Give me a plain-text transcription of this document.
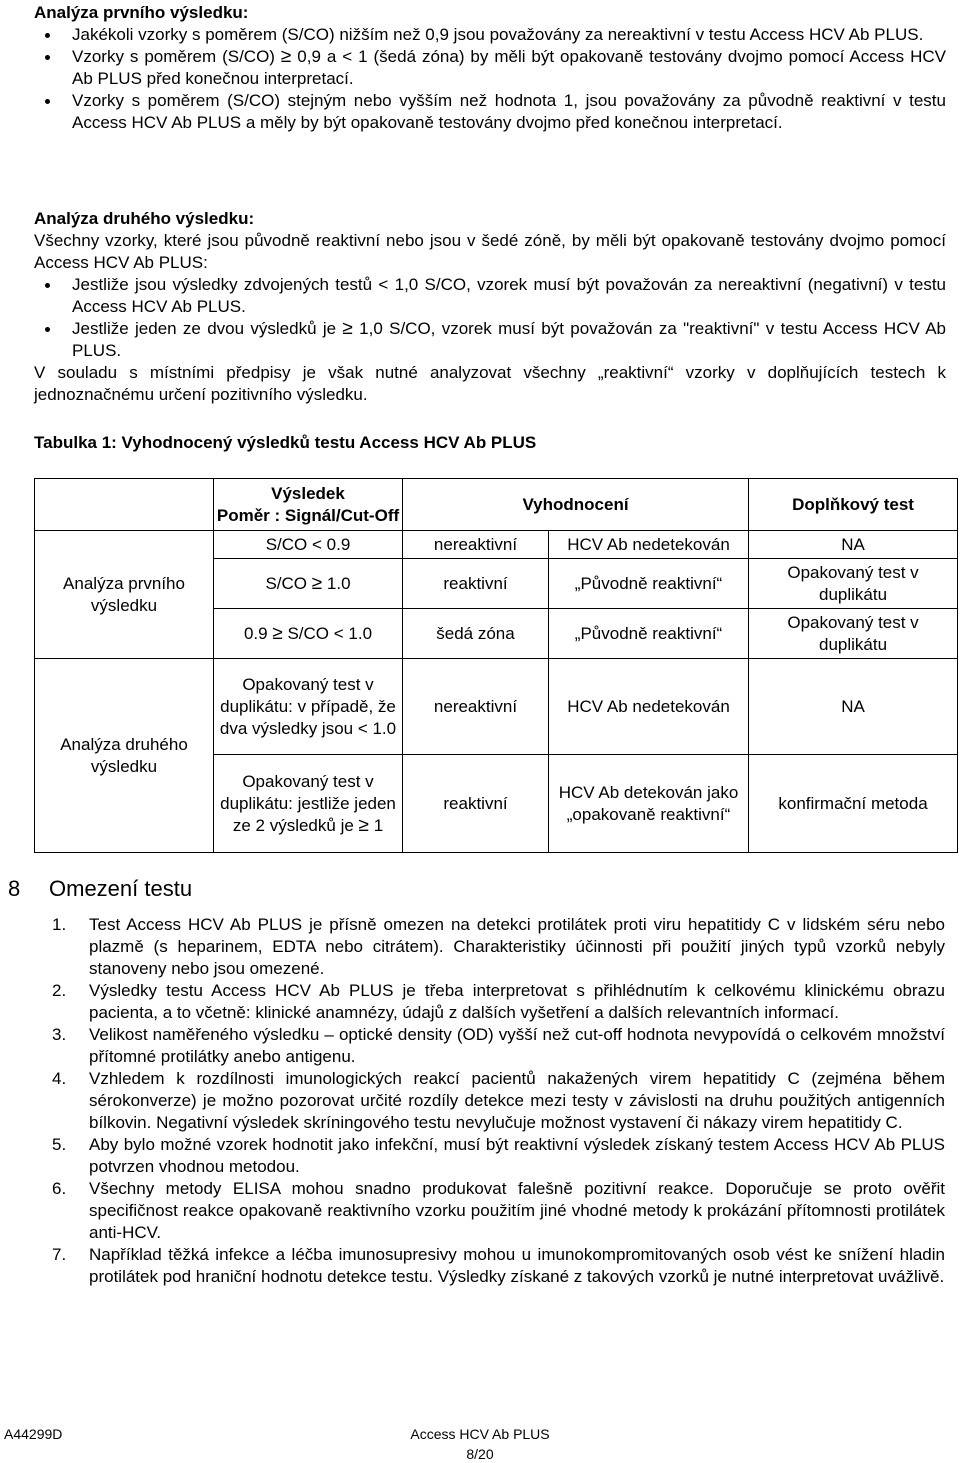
Analýza prvního výsledku:

Jakékoli vzorky s poměrem (S/CO) nižším než 0,9 jsou považovány za nereaktivní v testu Access HCV Ab PLUS.
Vzorky s poměrem (S/CO) ≥ 0,9 a < 1 (šedá zóna) by měli být opakovaně testovány dvojmo pomocí Access HCV Ab PLUS před konečnou interpretací.
Vzorky s poměrem (S/CO) stejným nebo vyšším než hodnota 1, jsou považovány za původně reaktivní v testu Access HCV Ab PLUS a měly by být opakovaně testovány dvojmo před konečnou interpretací.

Analýza druhého výsledku:

Všechny vzorky, které jsou původně reaktivní nebo jsou v šedé zóně, by měli být opakovaně testovány dvojmo pomocí Access HCV Ab PLUS:

Jestliže jsou výsledky zdvojených testů < 1,0 S/CO, vzorek musí být považován za nereaktivní (negativní) v testu Access HCV Ab PLUS.
Jestliže jeden ze dvou výsledků je ≥ 1,0 S/CO, vzorek musí být považován za "reaktivní" v testu Access HCV Ab PLUS.

V souladu s místními předpisy je však nutné analyzovat všechny „reaktivní“ vzorky v doplňujících testech k jednoznačnému určení pozitivního výsledku.

Tabulka 1: Vyhodnocený výsledků testu Access HCV Ab PLUS

	Výsledek
Poměr : Signál/Cut-Off	Vyhodnocení		Doplňkový test
Analýza prvního výsledku	S/CO < 0.9	nereaktivní	HCV Ab nedetekován	NA
	S/CO ≥ 1.0	reaktivní	„Původně reaktivní“	Opakovaný test v duplikátu
	0.9 ≥ S/CO < 1.0	šedá zóna	„Původně reaktivní“	Opakovaný test v duplikátu
Analýza druhého výsledku	Opakovaný test v duplikátu: v případě, že dva výsledky jsou < 1.0	nereaktivní	HCV Ab nedetekován	NA
	Opakovaný test v duplikátu: jestliže jeden ze 2 výsledků je ≥ 1	reaktivní	HCV Ab detekován jako „opakovaně reaktivní“	konfirmační metoda
8 Omezení testu
1. Test Access HCV Ab PLUS je přísně omezen na detekci protilátek proti viru hepatitidy C v lidském séru nebo plazmě (s heparinem, EDTA nebo citrátem). Charakteristiky účinnosti při použití jiných typů vzorků nebyly stanoveny nebo jsou omezené.
2. Výsledky testu Access HCV Ab PLUS je třeba interpretovat s přihlédnutím k celkovému klinickému obrazu pacienta, a to včetně: klinické anamnézy, údajů z dalších vyšetření a dalších relevantních informací.
3. Velikost naměřeného výsledku – optické density (OD) vyšší než cut-off hodnota nevypovídá o celkovém množství přítomné protilátky anebo antigenu.
4. Vzhledem k rozdílnosti imunologických reakcí pacientů nakažených virem hepatitidy C (zejména během sérokonverze) je možno pozorovat určité rozdíly detekce mezi testy v závislosti na druhu použitých antigenních bílkovin. Negativní výsledek skríningového testu nevylučuje možnost vystavení či nákazy virem hepatitidy C.
5. Aby bylo možné vzorek hodnotit jako infekční, musí být reaktivní výsledek získaný testem Access HCV Ab PLUS potvrzen vhodnou metodou.
6. Všechny metody ELISA mohou snadno produkovat falešně pozitivní reakce. Doporučuje se proto ověřit specifičnost reakce opakovaně reaktivního vzorku použitím jiné vhodné metody k prokázání přítomnosti protilátek anti-HCV.
7. Například těžká infekce a léčba imunosupresivy mohou u imunokompromitovaných osob vést ke snížení hladin protilátek pod hraniční hodnotu detekce testu. Výsledky získané z takových vzorků je nutné interpretovat uvážlivě.
A44299D	Access HCV Ab PLUS
8/20
